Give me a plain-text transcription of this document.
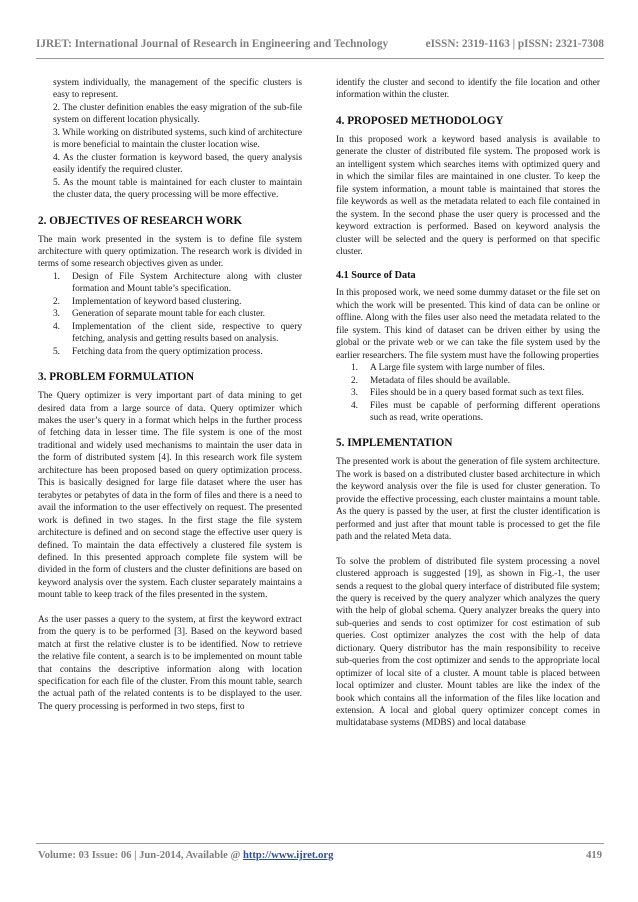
IJRET: International Journal of Research in Engineering and Technology	eISSN: 2319-1163 | pISSN: 2321-7308
system individually, the management of the specific clusters is easy to represent.
2. The cluster definition enables the easy migration of the sub-file system on different location physically.
3. While working on distributed systems, such kind of architecture is more beneficial to maintain the cluster location wise.
4. As the cluster formation is keyword based, the query analysis easily identify the required cluster.
5. As the mount table is maintained for each cluster to maintain the cluster data, the query processing will be more effective.
2. OBJECTIVES OF RESEARCH WORK
The main work presented in the system is to define file system architecture with query optimization. The research work is divided in terms of some research objectives given as under.
1.	Design of File System Architecture along with cluster formation and Mount table’s specification.
2.	Implementation of keyword based clustering.
3.	Generation of separate mount table for each cluster.
4.	Implementation of the client side, respective to query fetching, analysis and getting results based on analysis.
5.	Fetching data from the query optimization process.
3. PROBLEM FORMULATION
The Query optimizer is very important part of data mining to get desired data from a large source of data. Query optimizer which makes the user’s query in a format which helps in the further process of fetching data in lesser time. The file system is one of the most traditional and widely used mechanisms to maintain the user data in the form of distributed system [4]. In this research work file system architecture has been proposed based on query optimization process. This is basically designed for large file dataset where the user has terabytes or petabytes of data in the form of files and there is a need to avail the information to the user effectively on request. The presented work is defined in two stages. In the first stage the file system architecture is defined and on second stage the effective user query is defined. To maintain the data effectively a clustered file system is defined. In this presented approach complete file system will be divided in the form of clusters and the cluster definitions are based on keyword analysis over the system. Each cluster separately maintains a mount table to keep track of the files presented in the system.
As the user passes a query to the system, at first the keyword extract from the query is to be performed [3]. Based on the keyword based match at first the relative cluster is to be identified. Now to retrieve the relative file content, a search is to be implemented on mount table that contains the descriptive information along with location specification for each file of the cluster. From this mount table, search the actual path of the related contents is to be displayed to the user. The query processing is performed in two steps, first to
identify the cluster and second to identify the file location and other information within the cluster.
4. PROPOSED METHODOLOGY
In this proposed work a keyword based analysis is available to generate the cluster of distributed file system. The proposed work is an intelligent system which searches items with optimized query and in which the similar files are maintained in one cluster. To keep the file system information, a mount table is maintained that stores the file keywords as well as the metadata related to each file contained in the system. In the second phase the user query is processed and the keyword extraction is performed. Based on keyword analysis the cluster will be selected and the query is performed on that specific cluster.
4.1 Source of Data
In this proposed work, we need some dummy dataset or the file set on which the work will be presented. This kind of data can be online or offline. Along with the files user also need the metadata related to the file system. This kind of dataset can be driven either by using the global or the private web or we can take the file system used by the earlier researchers. The file system must have the following properties
1.	A Large file system with large number of files.
2.	Metadata of files should be available.
3.	Files should be in a query based format such as text files.
4.	Files must be capable of performing different operations such as read, write operations.
5. IMPLEMENTATION
The presented work is about the generation of file system architecture. The work is based on a distributed cluster based architecture in which the keyword analysis over the file is used for cluster generation. To provide the effective processing, each cluster maintains a mount table. As the query is passed by the user, at first the cluster identification is performed and just after that mount table is processed to get the file path and the related Meta data.
To solve the problem of distributed file system processing a novel clustered approach is suggested [19], as shown in Fig.-1, the user sends a request to the global query interface of distributed file system; the query is received by the query analyzer which analyzes the query with the help of global schema. Query analyzer breaks the query into sub-queries and sends to cost optimizer for cost estimation of sub queries. Cost optimizer analyzes the cost with the help of data dictionary. Query distributor has the main responsibility to receive sub-queries from the cost optimizer and sends to the appropriate local optimizer of local site of a cluster. A mount table is placed between local optimizer and cluster. Mount tables are like the index of the book which contains all the information of the files like location and extension. A local and global query optimizer concept comes in multidatabase systems (MDBS) and local database
Volume: 03 Issue: 06 | Jun-2014, Available @ http://www.ijret.org	419
